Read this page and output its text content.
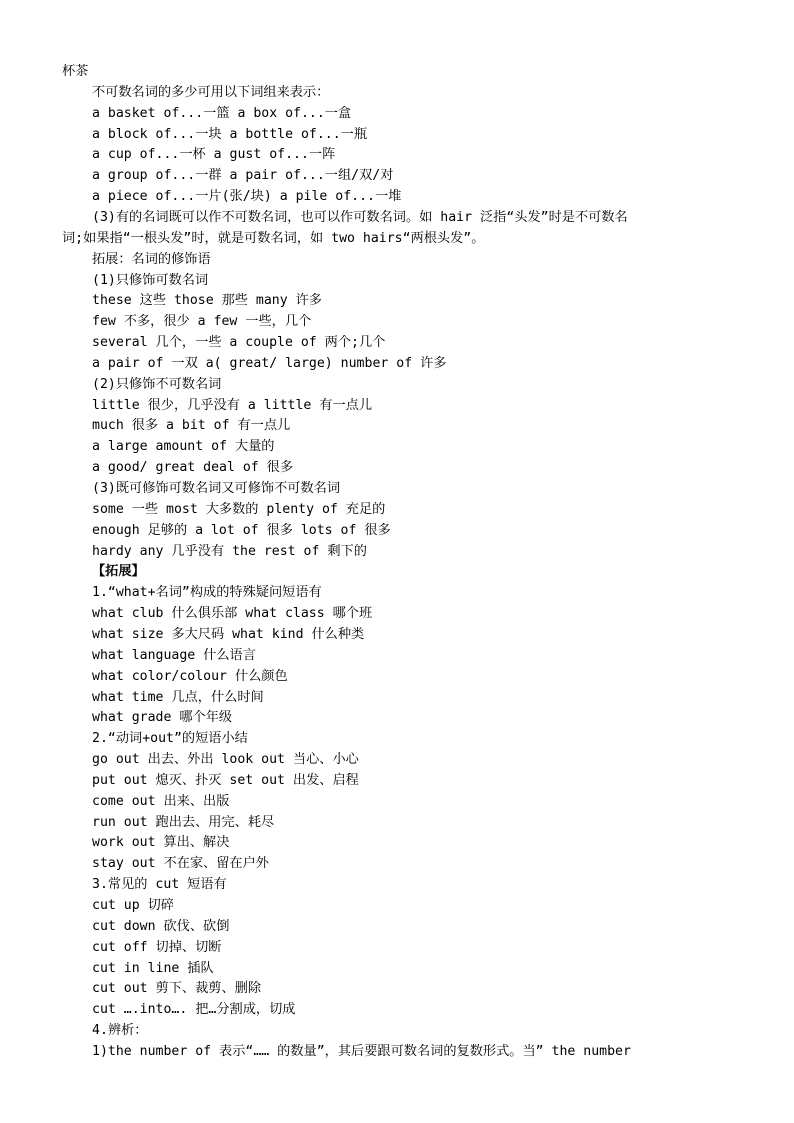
杯茶
不可数名词的多少可用以下词组来表示：
a basket of...一篮 a box of...一盒
a block of...一块 a bottle of...一瓶
a cup of...一杯 a gust of...一阵
a group of...一群 a pair of...一组/双/对
a piece of...一片(张/块) a pile of...一堆
(3)有的名词既可以作不可数名词，也可以作可数名词。如 hair 泛指“头发”时是不可数名
词;如果指“一根头发”时，就是可数名词，如 two hairs“两根头发”。
拓展：名词的修饰语
(1)只修饰可数名词
these 这些 those 那些 many 许多
few 不多，很少 a few 一些，几个
several 几个，一些 a couple of 两个;几个
a pair of 一双 a( great/ large) number of 许多
(2)只修饰不可数名词
little 很少，几乎没有 a little 有一点儿
much 很多 a bit of 有一点儿
a large amount of 大量的
a good/ great deal of 很多
(3)既可修饰可数名词又可修饰不可数名词
some 一些 most 大多数的 plenty of 充足的
enough 足够的 a lot of 很多 lots of 很多
hardy any 几乎没有 the rest of 剩下的
【拓展】
1.“what+名词”构成的特殊疑问短语有
what club 什么俱乐部 what class 哪个班
what size 多大尺码 what kind 什么种类
what language 什么语言
what color/colour 什么颜色
what time 几点，什么时间
what grade 哪个年级
2.“动词+out”的短语小结
go out 出去、外出 look out 当心、小心
put out 熄灭、扑灭 set out 出发、启程
come out 出来、出版
run out 跑出去、用完、耗尽
work out 算出、解决
stay out 不在家、留在户外
3.常见的 cut 短语有
cut up 切碎
cut down 砍伐、砍倒
cut off 切掉、切断
cut in line 插队
cut out 剪下、裁剪、删除
cut ….into…. 把…分割成，切成
4.辨析：
1)the number of 表示“…… 的数量”，其后要跟可数名词的复数形式。当” the number
